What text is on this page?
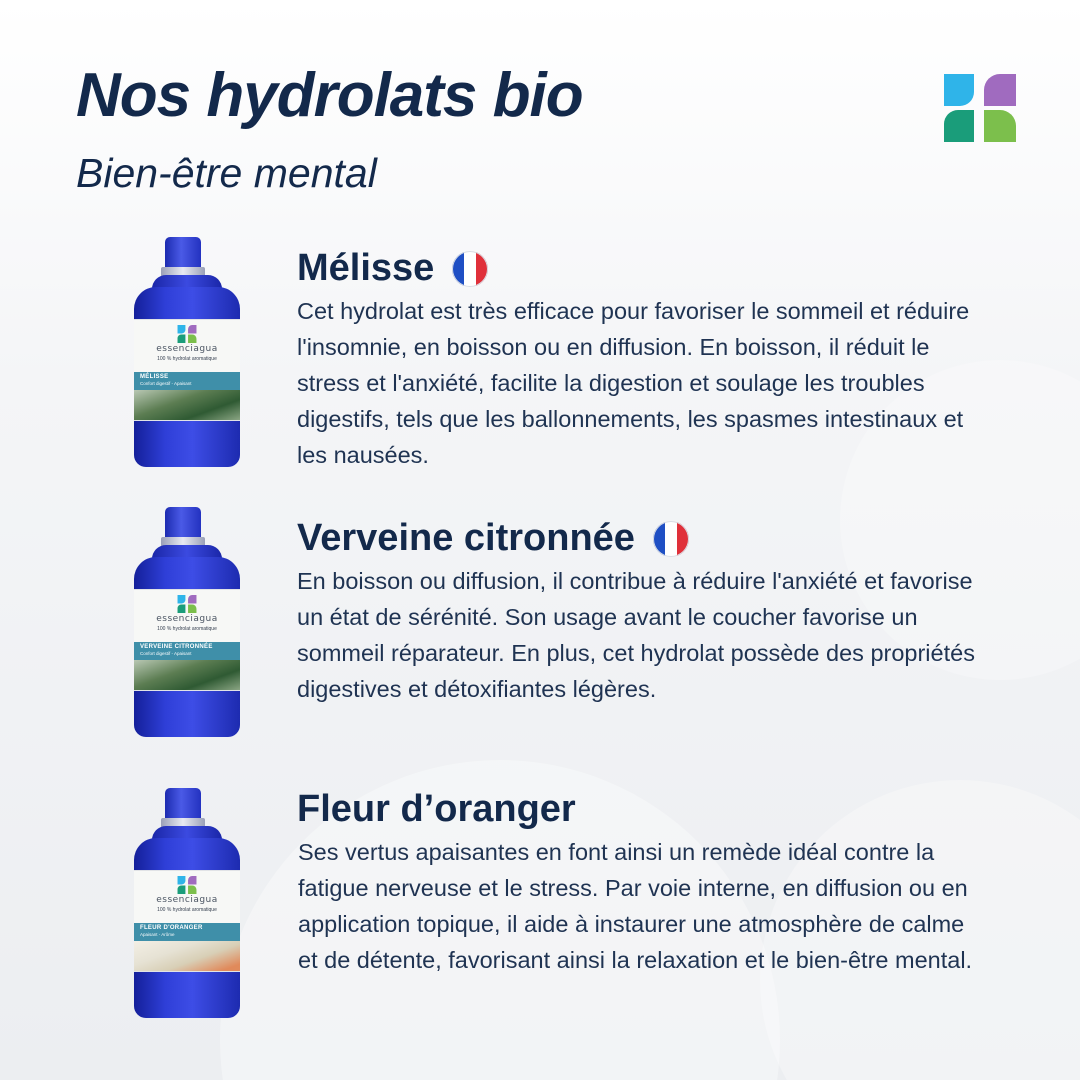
Nos hydrolats bio
Bien-être mental
essenciagua
100 % hydrolat aromatique
MÉLISSE
Confort digestif - Apaisant
Mélisse

Cet hydrolat est très efficace pour favoriser le sommeil et réduire l'insomnie, en boisson ou en diffusion. En boisson, il réduit le stress et l'anxiété, facilite la digestion et soulage les troubles digestifs, tels que les ballonnements, les spasmes intestinaux et les nausées.

essenciagua
100 % hydrolat aromatique
VERVEINE CITRONNÉE
Confort digestif - Apaisant
Verveine citronnée

En boisson ou diffusion, il contribue à réduire l'anxiété et favorise un état de sérénité. Son usage avant le coucher favorise un sommeil réparateur. En plus, cet hydrolat possède des propriétés digestives et détoxifiantes légères.

essenciagua
100 % hydrolat aromatique
FLEUR D'ORANGER
Apaisant - Arôme
Fleur d’oranger

Ses vertus apaisantes en font ainsi un remède idéal contre la fatigue nerveuse et le stress. Par voie interne, en diffusion ou en application topique, il aide à instaurer une atmosphère de calme et de détente, favorisant ainsi la relaxation et le bien-être mental.
